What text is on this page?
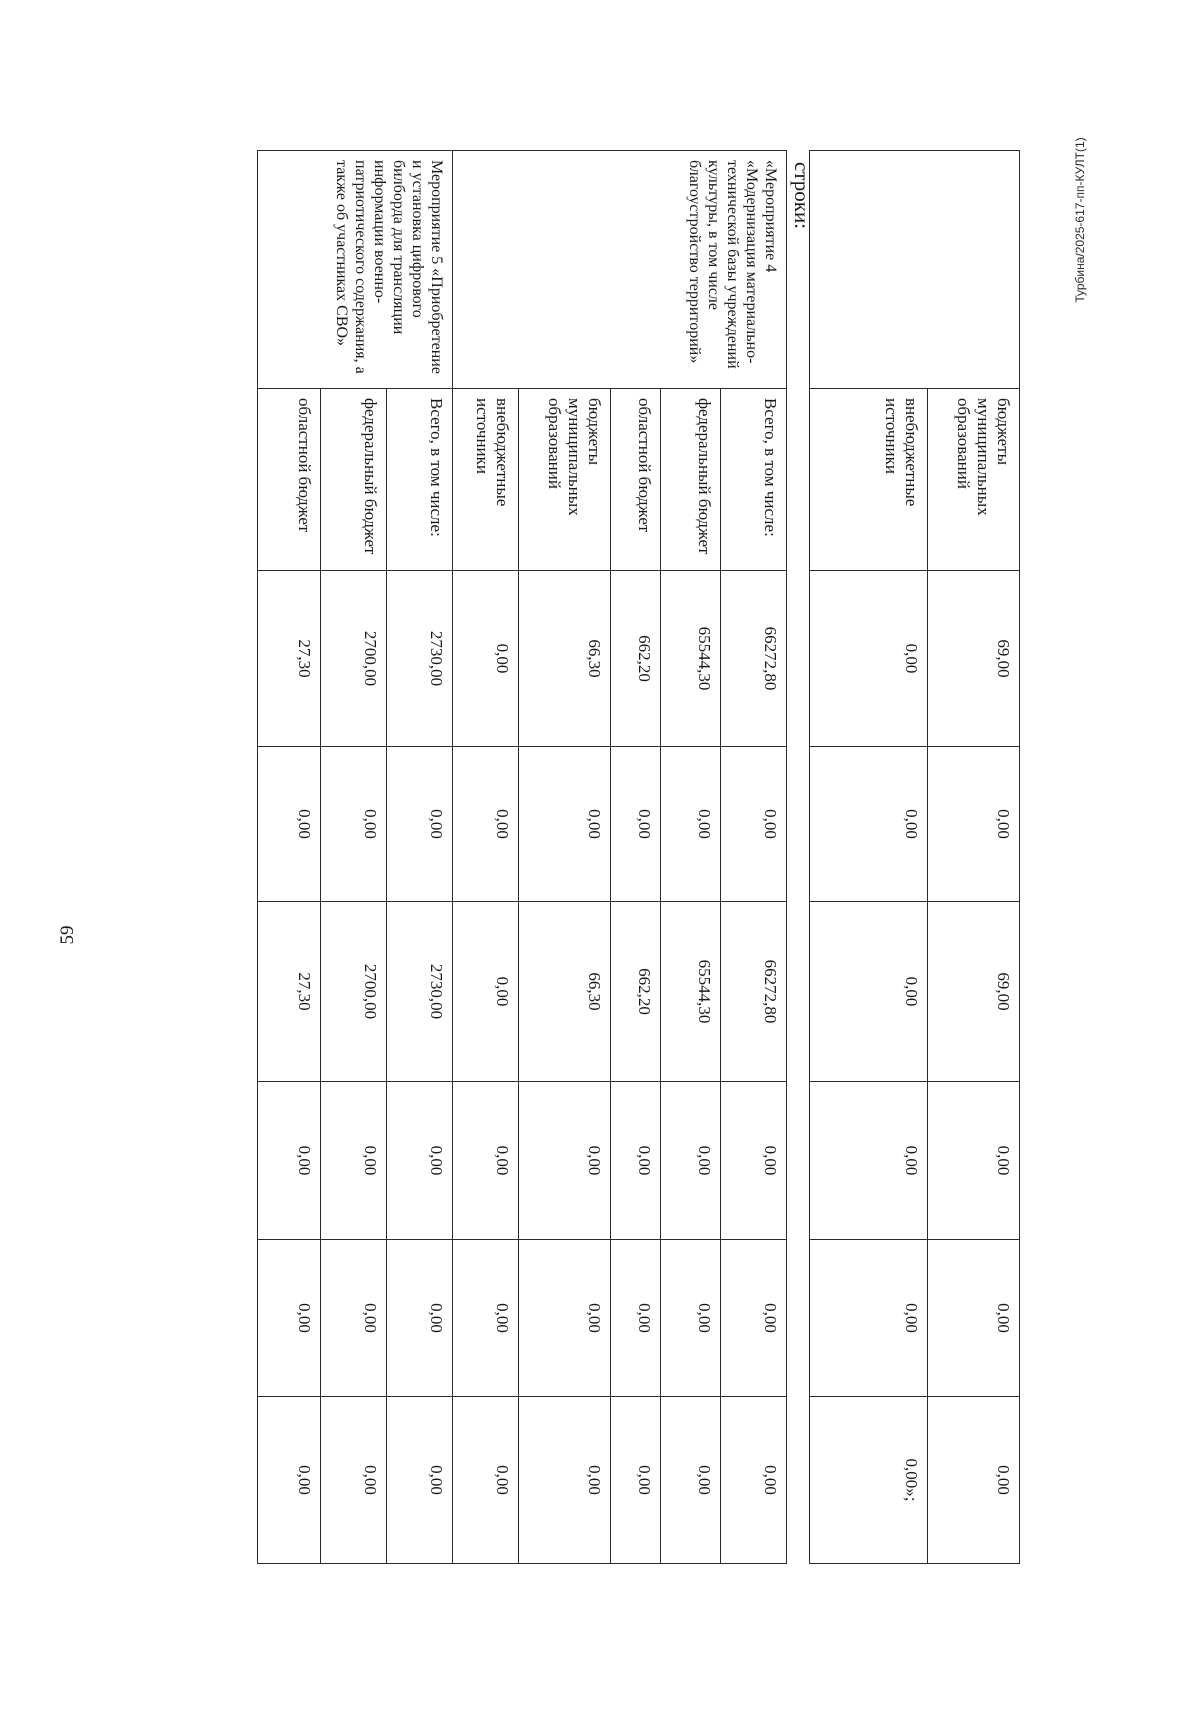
59
Турбина/2025-617-пп-КУЛТ(1)
	бюджеты муниципальных образований	69,00	0,00	69,00	0,00	0,00	0,00
	внебюджетные источники	0,00	0,00	0,00	0,00	0,00	0,00»;
строки:
«Мероприятие 4 «Модернизация материально-технической базы учреждений культуры, в том числе благоустройство территорий»	Всего, в том числе:	66272,80	0,00	66272,80	0,00	0,00	0,00
	федеральный бюджет	65544,30	0,00	65544,30	0,00	0,00	0,00
	областной бюджет	662,20	0,00	662,20	0,00	0,00	0,00
	бюджеты муниципальных образований	66,30	0,00	66,30	0,00	0,00	0,00
	внебюджетные источники	0,00	0,00	0,00	0,00	0,00	0,00
Мероприятие 5 «Приобретение и установка цифрового билборда для трансляции информации военно-патриотического содержания, а также об участниках СВО»	Всего, в том числе:	2730,00	0,00	2730,00	0,00	0,00	0,00
	федеральный бюджет	2700,00	0,00	2700,00	0,00	0,00	0,00
	областной бюджет	27,30	0,00	27,30	0,00	0,00	0,00
